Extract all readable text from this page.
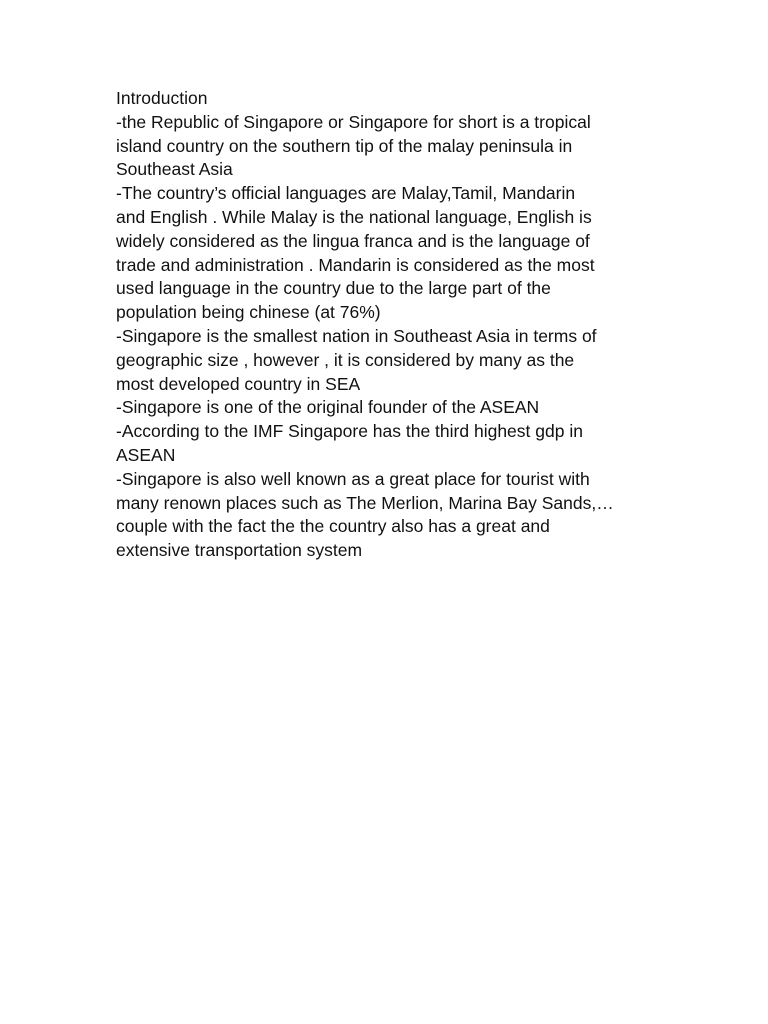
Introduction
-the Republic of Singapore or Singapore for short is a tropical
island country on the southern tip of the malay peninsula in
Southeast Asia
-The country’s official languages are Malay,Tamil, Mandarin
and English . While Malay is the national language, English is
widely considered as the lingua franca and is the language of
trade and administration . Mandarin is considered as the most
used language in the country due to the large part of the
population being chinese (at 76%)
-Singapore is the smallest nation in Southeast Asia in terms of
geographic size , however , it is considered by many as the
most developed country in SEA
-Singapore is one of the original founder of the ASEAN
-According to the IMF Singapore has the third highest gdp in
ASEAN
-Singapore is also well known as a great place for tourist with
many renown places such as The Merlion, Marina Bay Sands,…
couple with the fact the the country also has a great and
extensive transportation system
